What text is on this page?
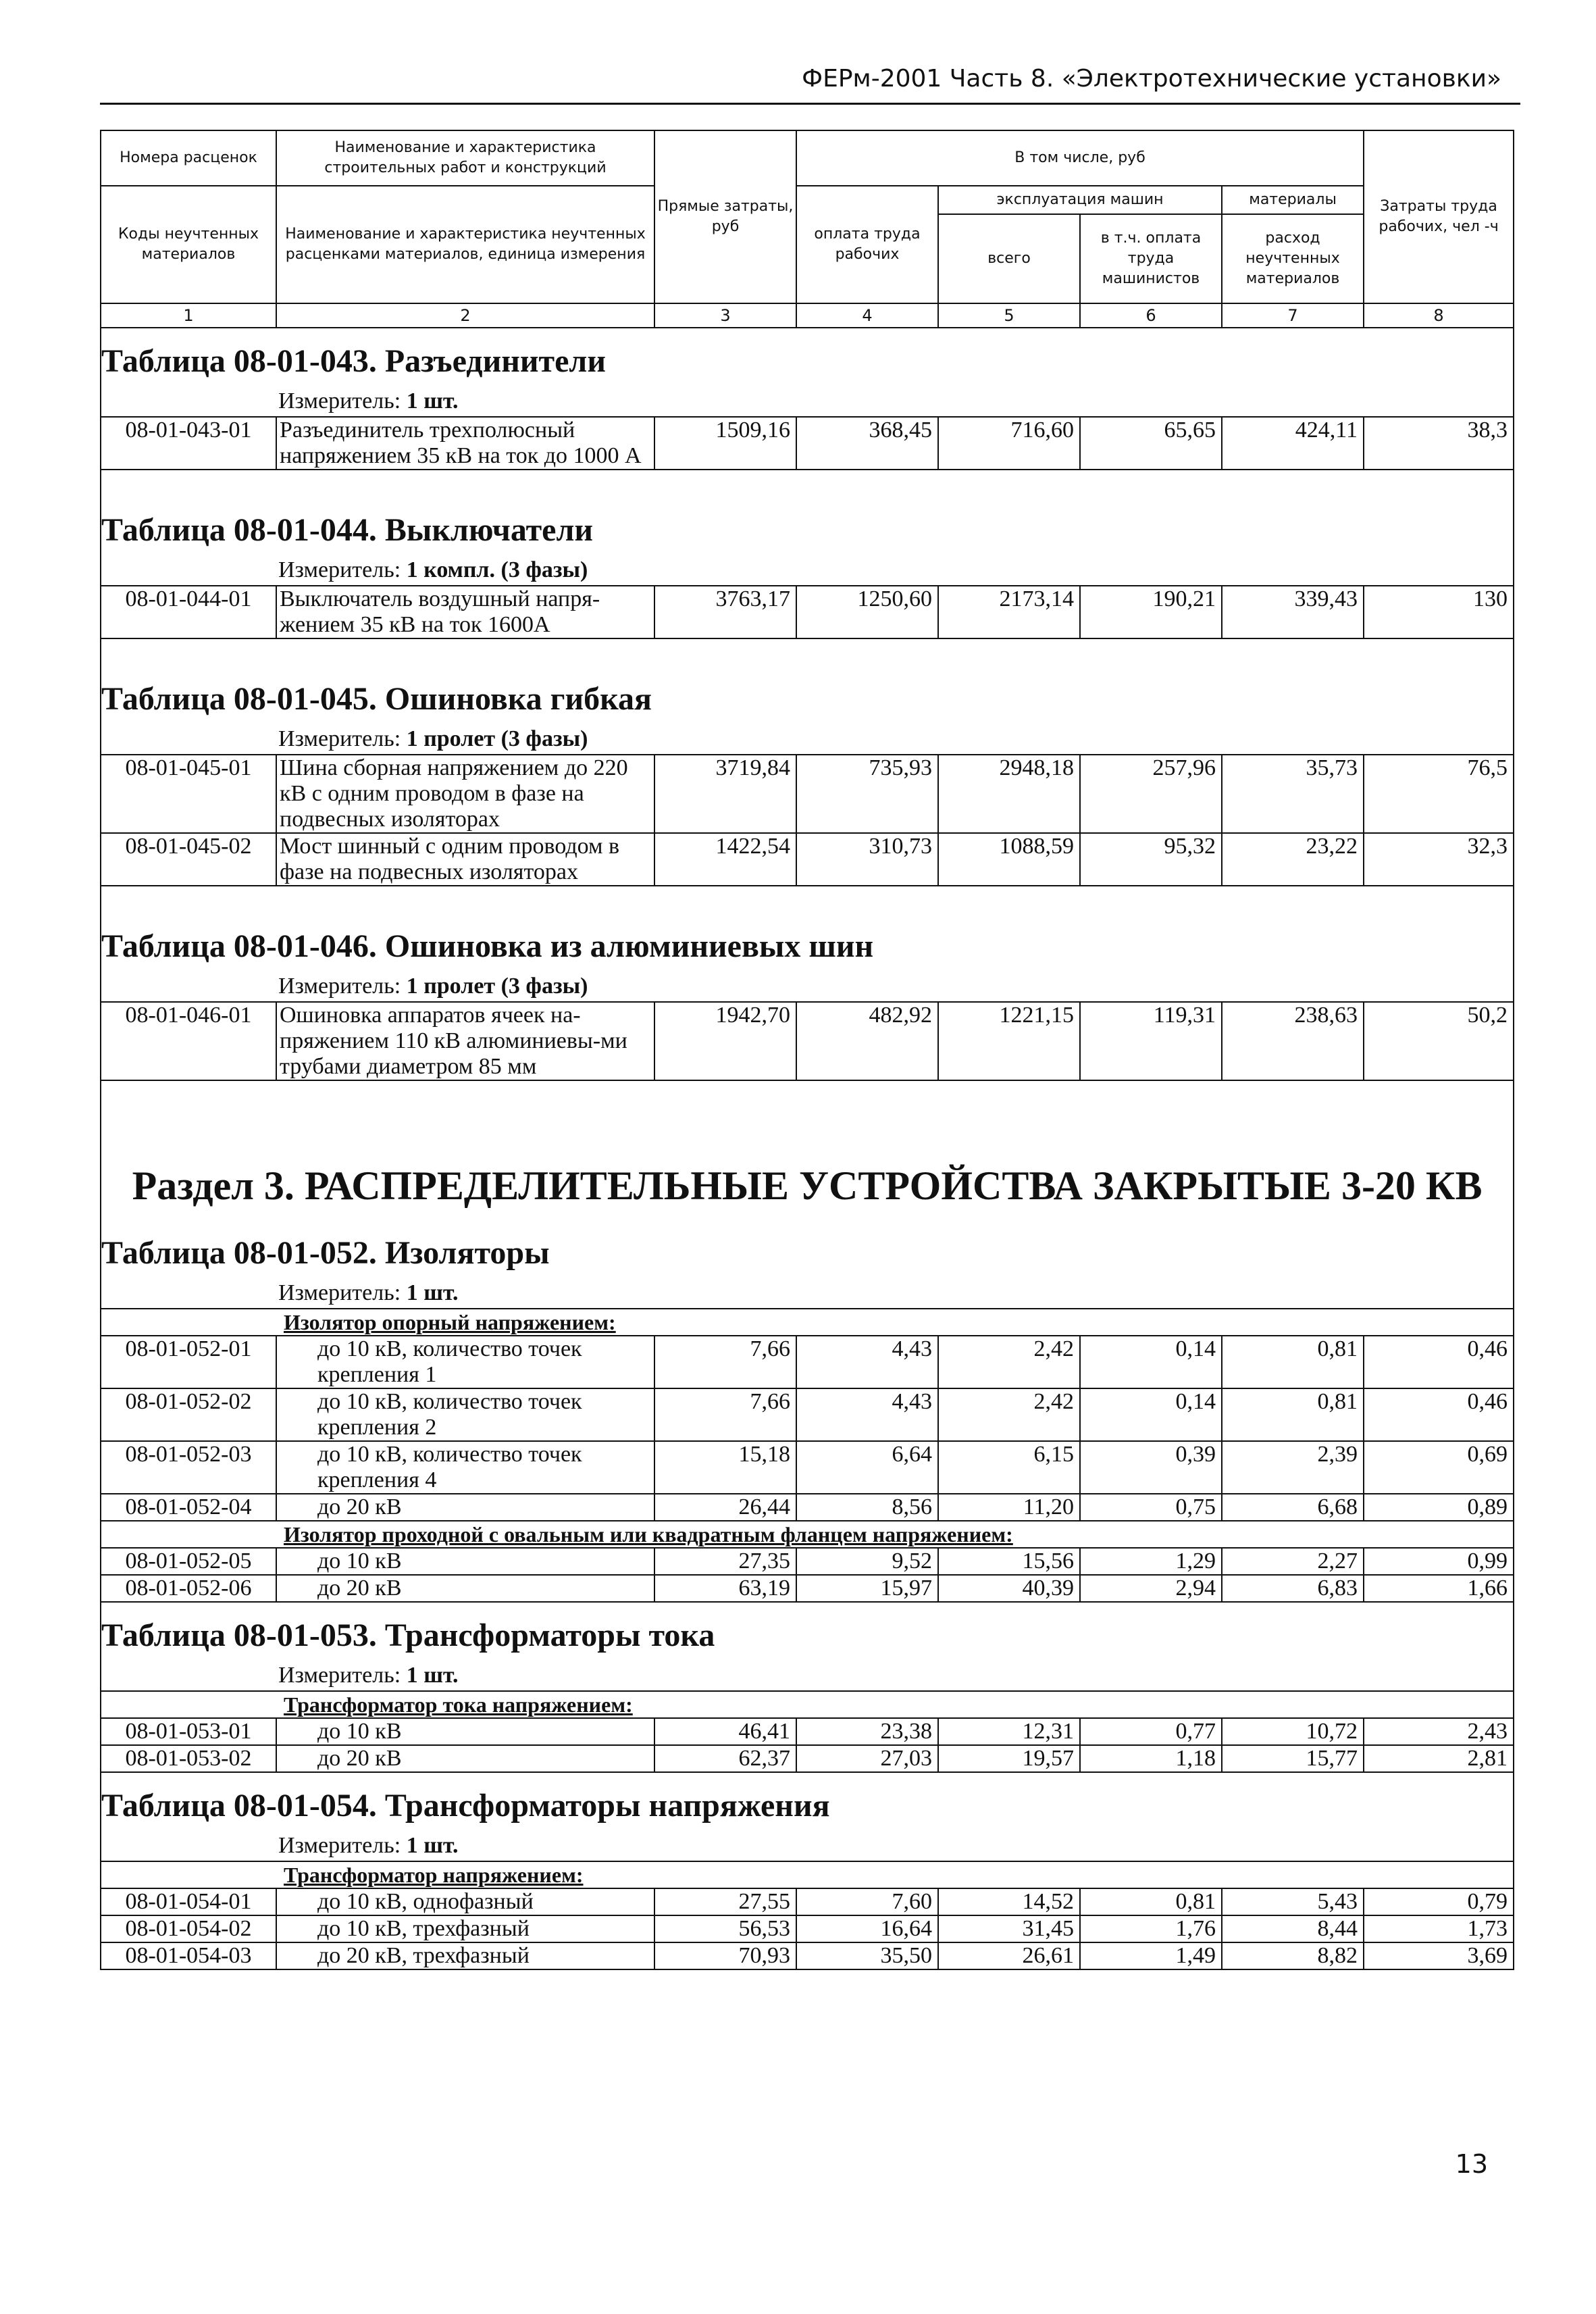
ФЕРм-2001 Часть 8. «Электротехнические установки»
Номера расценок	Наименование и характеристика строительных работ и конструкций	Прямые затраты, руб	В том числе, руб				Затраты труда рабочих, чел -ч
Коды неучтенных материалов	Наименование и характеристика неучтенных расценками материалов, единица измерения		оплата труда рабочих	эксплуатация машин		материалы	
				всего	в т.ч. оплата труда машинистов	расход неучтенных материалов	
1	2	3	4	5	6	7	8
Таблица 08-01-043. Разъединители							

Измеритель: 1 шт.							

08-01-043-01	Разъединитель трехполюсный напряжением 35 кВ на ток до 1000 А	1509,16	368,45	716,60	65,65	424,11	38,3

Таблица 08-01-044. Выключатели							

Измеритель: 1 компл. (3 фазы)							

08-01-044-01	Выключатель воздушный напря-жением 35 кВ на ток 1600А	3763,17	1250,60	2173,14	190,21	339,43	130

Таблица 08-01-045. Ошиновка гибкая							

Измеритель: 1 пролет (3 фазы)							

08-01-045-01	Шина сборная напряжением до 220 кВ с одним проводом в фазе на подвесных изоляторах	3719,84	735,93	2948,18	257,96	35,73	76,5
08-01-045-02	Мост шинный с одним проводом в фазе на подвесных изоляторах	1422,54	310,73	1088,59	95,32	23,22	32,3

Таблица 08-01-046. Ошиновка из алюминиевых шин							

Измеритель: 1 пролет (3 фазы)							

08-01-046-01	Ошиновка аппаратов ячеек на-пряжением 110 кВ алюминиевы-ми трубами диаметром 85 мм	1942,70	482,92	1221,15	119,31	238,63	50,2

Раздел 3. РАСПРЕДЕЛИТЕЛЬНЫЕ УСТРОЙСТВА ЗАКРЫТЫЕ 3-20 КВ							
Таблица 08-01-052. Изоляторы							

Измеритель: 1 шт.							

Изолятор опорный напряжением:							
08-01-052-01	до 10 кВ, количество точек крепления 1	7,66	4,43	2,42	0,14	0,81	0,46
08-01-052-02	до 10 кВ, количество точек крепления 2	7,66	4,43	2,42	0,14	0,81	0,46
08-01-052-03	до 10 кВ, количество точек крепления 4	15,18	6,64	6,15	0,39	2,39	0,69
08-01-052-04	до 20 кВ	26,44	8,56	11,20	0,75	6,68	0,89
Изолятор проходной с овальным или квадратным фланцем напряжением:							
08-01-052-05	до 10 кВ	27,35	9,52	15,56	1,29	2,27	0,99
08-01-052-06	до 20 кВ	63,19	15,97	40,39	2,94	6,83	1,66
Таблица 08-01-053. Трансформаторы тока							

Измеритель: 1 шт.							

Трансформатор тока напряжением:							
08-01-053-01	до 10 кВ	46,41	23,38	12,31	0,77	10,72	2,43
08-01-053-02	до 20 кВ	62,37	27,03	19,57	1,18	15,77	2,81
Таблица 08-01-054. Трансформаторы напряжения							

Измеритель: 1 шт.							

Трансформатор напряжением:							
08-01-054-01	до 10 кВ, однофазный	27,55	7,60	14,52	0,81	5,43	0,79
08-01-054-02	до 10 кВ, трехфазный	56,53	16,64	31,45	1,76	8,44	1,73
08-01-054-03	до 20 кВ, трехфазный	70,93	35,50	26,61	1,49	8,82	3,69
13
